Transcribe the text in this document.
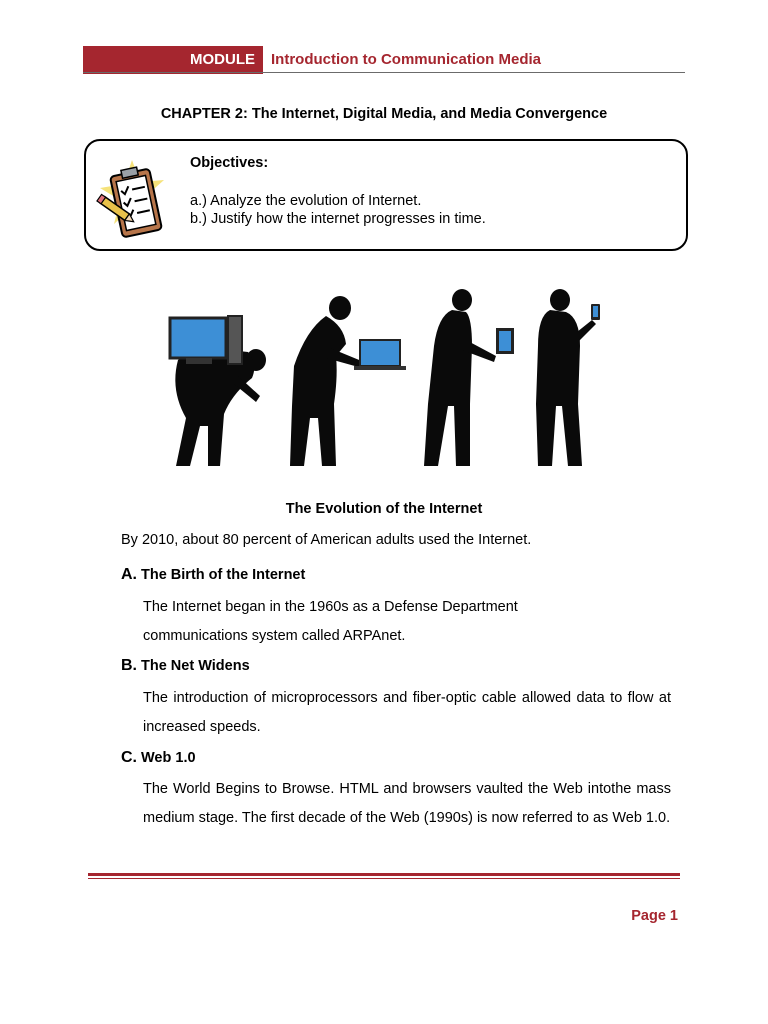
MODULE	Introduction to Communication Media
CHAPTER 2: The Internet, Digital Media, and Media Convergence
Objectives:
a.) Analyze the evolution of Internet.
b.) Justify how the internet progresses in time.
The Evolution of the Internet
By 2010, about 80 percent of American adults used the Internet.
A. The Birth of the Internet
The Internet began in the 1960s as a Defense Department
communications system called ARPAnet.
B. The Net Widens
The introduction of microprocessors and fiber-optic cable allowed data to flow at increased speeds.
C. Web 1.0
The World Begins to Browse. HTML and browsers vaulted the Web intothe mass medium stage. The first decade of the Web (1990s) is now referred to as Web 1.0.
Page 1
